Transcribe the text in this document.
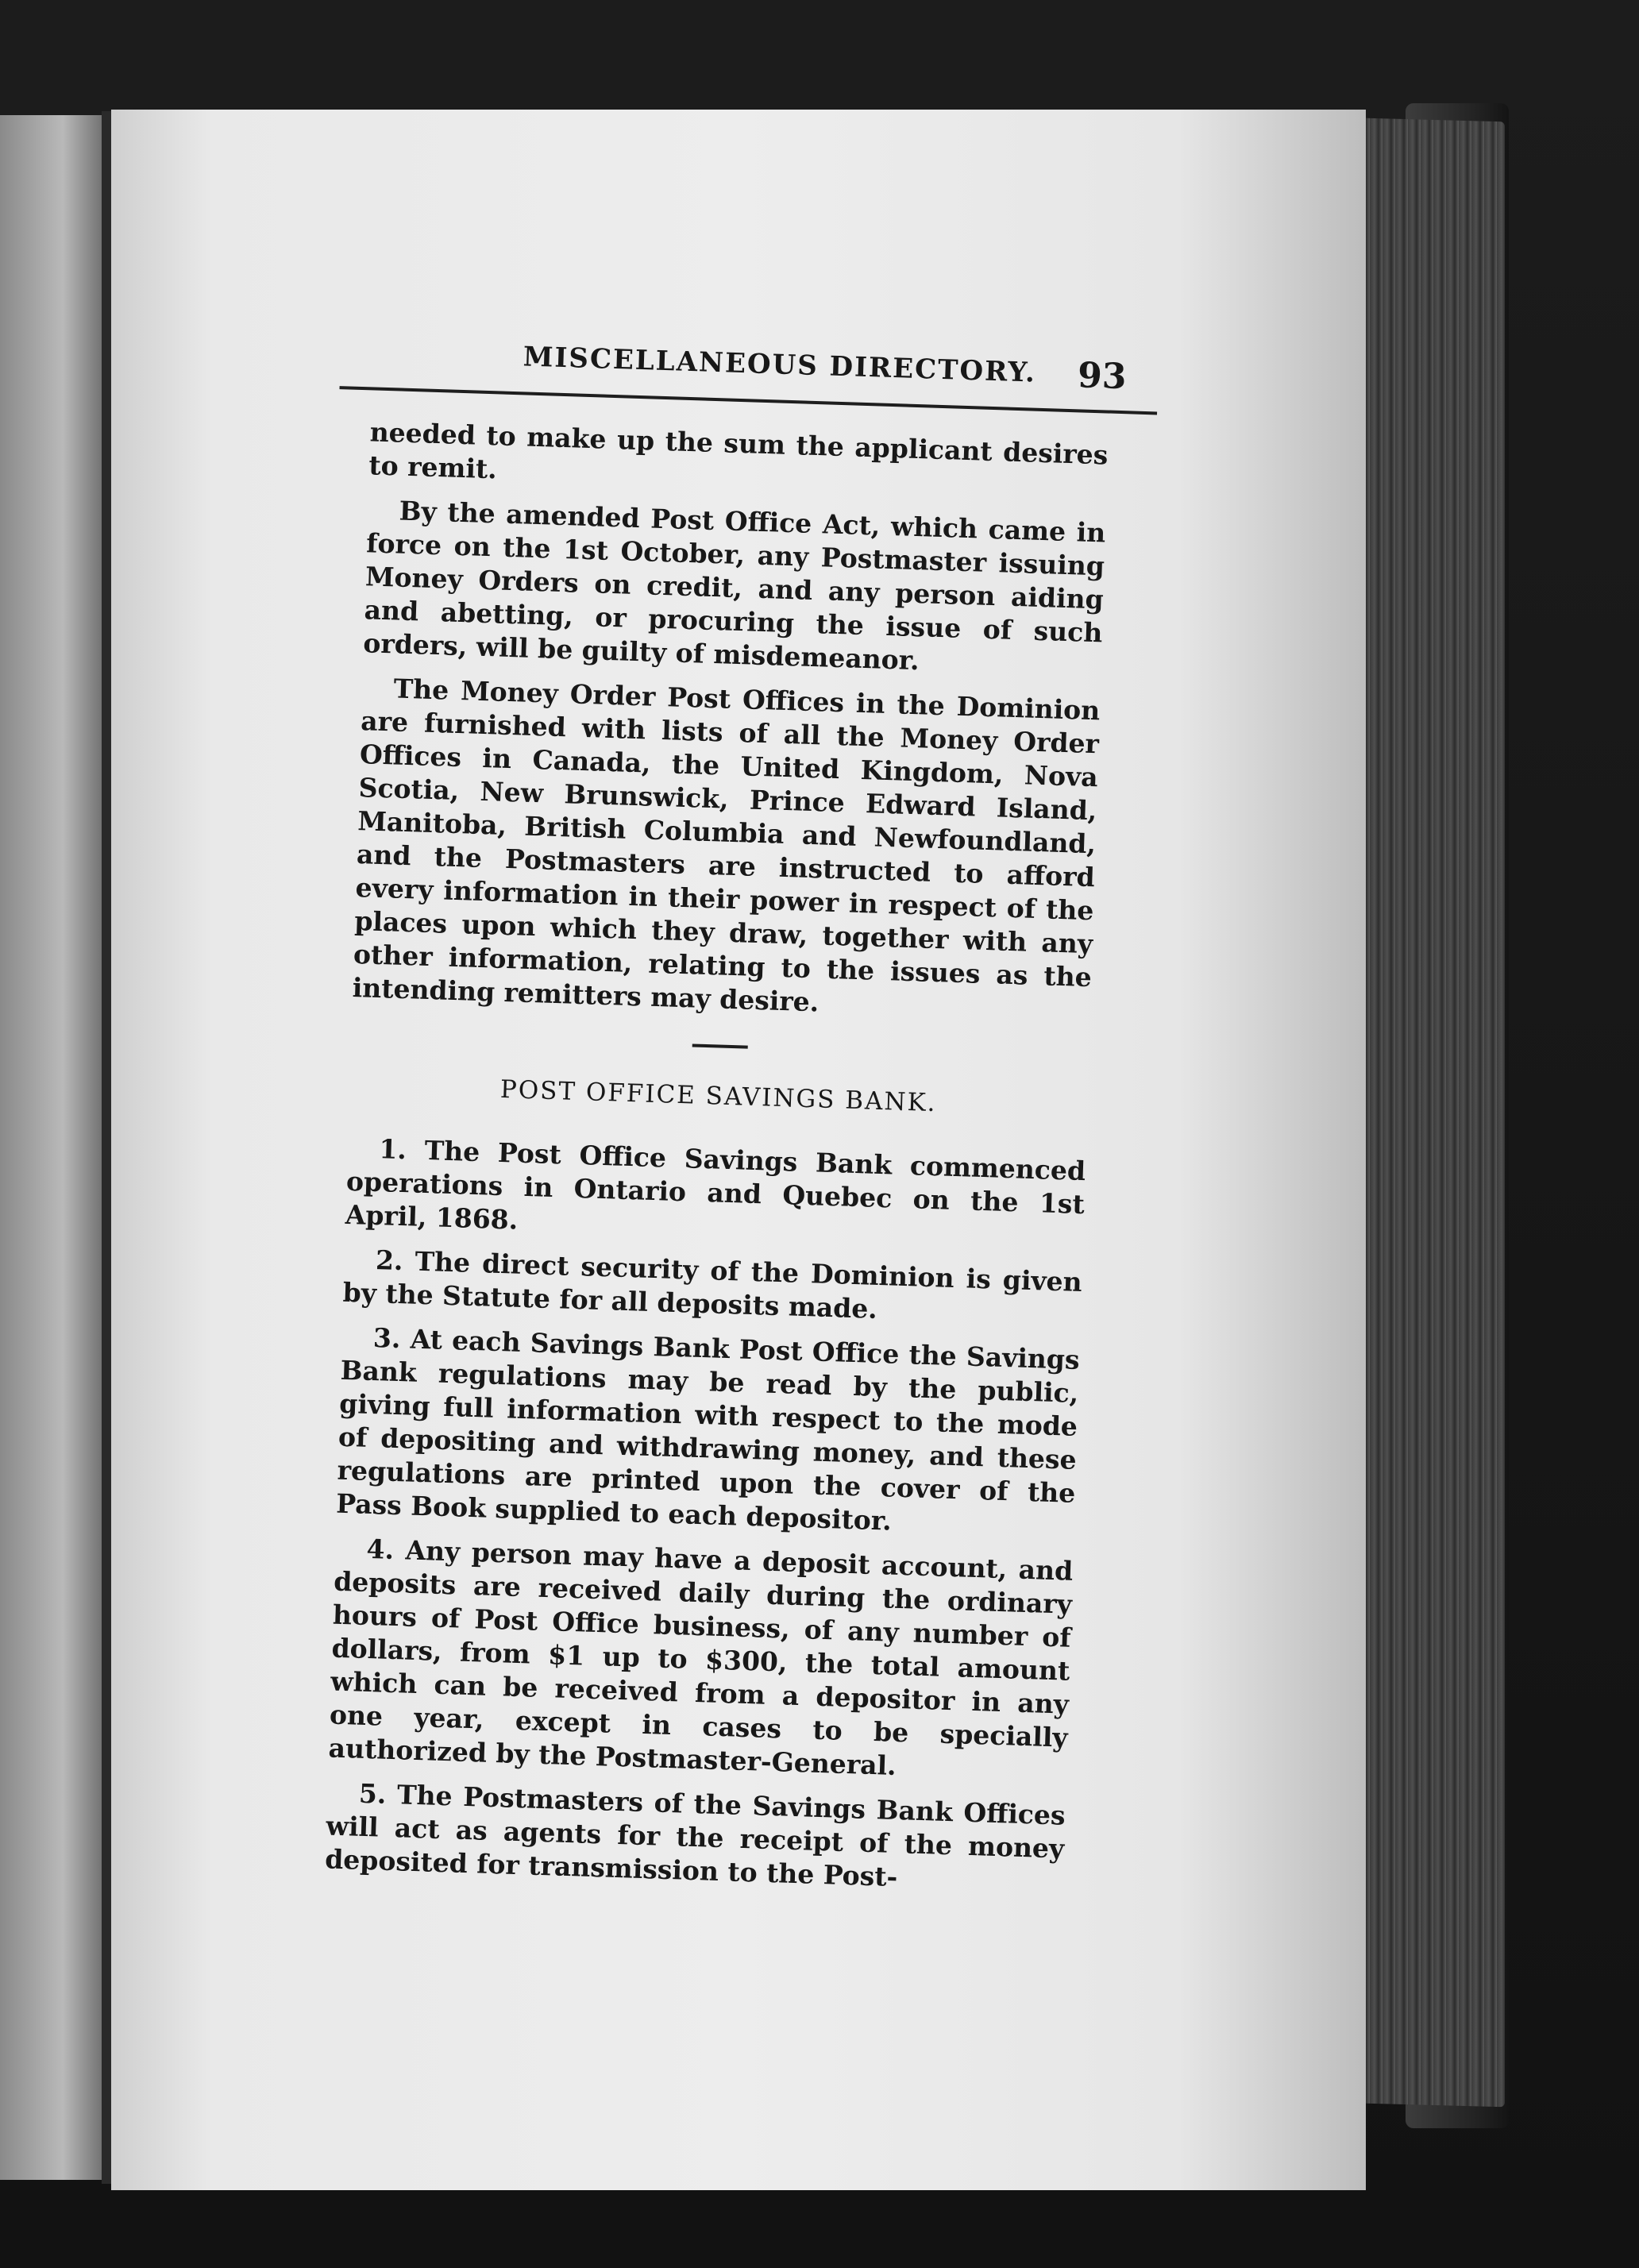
MISCELLANEOUS DIRECTORY. 93

needed to make up the sum the applicant desires to remit.

By the amended Post Office Act, which came in force on the 1st October, any Postmaster issuing Money Orders on credit, and any person aiding and abetting, or procuring the issue of such orders, will be guilty of misdemeanor.

The Money Order Post Offices in the Dominion are furnished with lists of all the Money Order Offices in Canada, the United Kingdom, Nova Scotia, New Brunswick, Prince Edward Island, Manitoba, British Columbia and Newfoundland, and the Postmasters are instructed to afford every information in their power in respect of the places upon which they draw, together with any other information, relating to the issues as the intending remitters may desire.

POST OFFICE SAVINGS BANK.

1. The Post Office Savings Bank commenced operations in Ontario and Quebec on the 1st April, 1868.

2. The direct security of the Dominion is given by the Statute for all deposits made.

3. At each Savings Bank Post Office the Savings Bank regulations may be read by the public, giving full information with respect to the mode of depositing and withdrawing money, and these regulations are printed upon the cover of the Pass Book supplied to each depositor.

4. Any person may have a deposit account, and deposits are received daily during the ordinary hours of Post Office business, of any number of dollars, from $1 up to $300, the total amount which can be received from a depositor in any one year, except in cases to be specially authorized by the Postmaster-General.

5. The Postmasters of the Savings Bank Offices will act as agents for the receipt of the money deposited for transmission to the Post-
